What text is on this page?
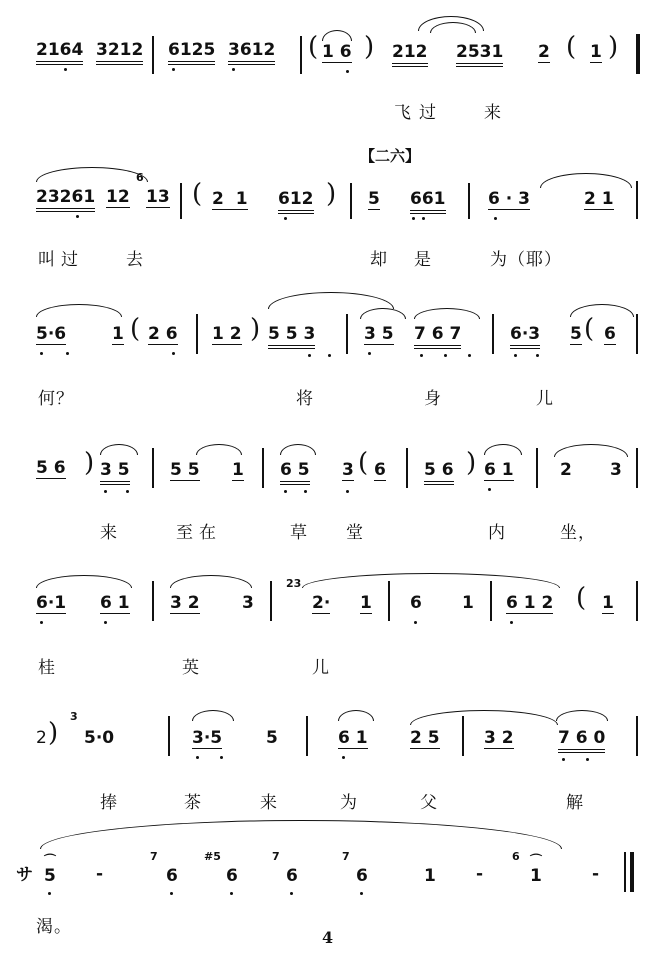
2164 3212 6125 3612 ( 1 6 ) 212 2531 2 ( 1 )
飞过 来
【二六】
23261 12
6
13 ( 2 1 612 ) 5 661	6 · 3	2 1
叫过 去	却 是	为（耶）
5·6	1 ( 2 6 1 2 ) 5 5 3	3 5 7 6 7	6·3 5 ( 6
何？	将	身	儿
5 6 ) 3 5 5 5 1 6 5 3 ( 6 5 6 ) 6 1	2 3
来	至在	草 堂	内	坐，
6·1 6 1 3 2 3
23
2· 1 6 1 6 1 2 ( 1
桂	英	儿
2 )
3
5·0	3·5	5	6 1 2 5	3 2	7 6 0
捧	茶	来	为	父	解
サ
⌒
5 -
7
6
#5
6
7
6
7
6	1 -
6 ⌒
1	-
渴。
4
